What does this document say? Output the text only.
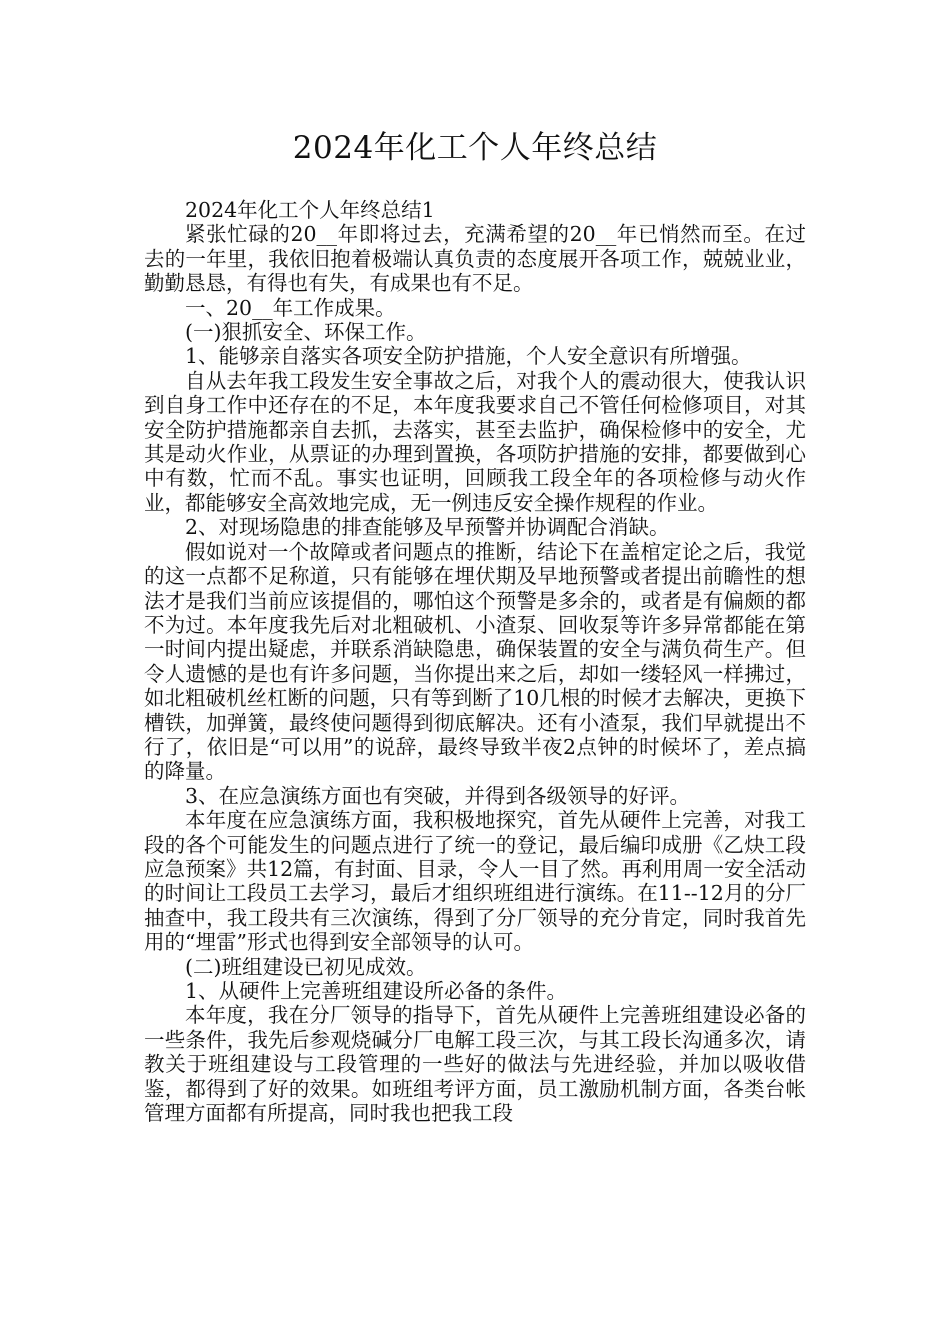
2024年化工个人年终总结

2024年化工个人年终总结1

紧张忙碌的20__年即将过去，充满希望的20__年已悄然而至。在过去的一年里，我依旧抱着极端认真负责的态度展开各项工作，兢兢业业，勤勤恳恳，有得也有失，有成果也有不足。

一、20__年工作成果。

(一)狠抓安全、环保工作。

1、能够亲自落实各项安全防护措施，个人安全意识有所增强。

自从去年我工段发生安全事故之后，对我个人的震动很大，使我认识到自身工作中还存在的不足，本年度我要求自己不管任何检修项目，对其安全防护措施都亲自去抓，去落实，甚至去监护，确保检修中的安全，尤其是动火作业，从票证的办理到置换，各项防护措施的安排，都要做到心中有数，忙而不乱。事实也证明，回顾我工段全年的各项检修与动火作业，都能够安全高效地完成，无一例违反安全操作规程的作业。

2、对现场隐患的排查能够及早预警并协调配合消缺。

假如说对一个故障或者问题点的推断，结论下在盖棺定论之后，我觉的这一点都不足称道，只有能够在埋伏期及早地预警或者提出前瞻性的想法才是我们当前应该提倡的，哪怕这个预警是多余的，或者是有偏颇的都不为过。本年度我先后对北粗破机、小渣泵、回收泵等许多异常都能在第一时间内提出疑虑，并联系消缺隐患，确保装置的安全与满负荷生产。但令人遗憾的是也有许多问题，当你提出来之后，却如一缕轻风一样拂过，如北粗破机丝杠断的问题，只有等到断了10几根的时候才去解决，更换下槽铁，加弹簧，最终使问题得到彻底解决。还有小渣泵，我们早就提出不行了，依旧是“可以用”的说辞，最终导致半夜2点钟的时候坏了，差点搞的降量。

3、在应急演练方面也有突破，并得到各级领导的好评。

本年度在应急演练方面，我积极地探究，首先从硬件上完善，对我工段的各个可能发生的问题点进行了统一的登记，最后编印成册《乙炔工段应急预案》共12篇，有封面、目录，令人一目了然。再利用周一安全活动的时间让工段员工去学习，最后才组织班组进行演练。在11--12月的分厂抽查中，我工段共有三次演练，得到了分厂领导的充分肯定，同时我首先用的“埋雷”形式也得到安全部领导的认可。

(二)班组建设已初见成效。

1、从硬件上完善班组建设所必备的条件。

本年度，我在分厂领导的指导下，首先从硬件上完善班组建设必备的一些条件，我先后参观烧碱分厂电解工段三次，与其工段长沟通多次，请教关于班组建设与工段管理的一些好的做法与先进经验，并加以吸收借鉴，都得到了好的效果。如班组考评方面，员工激励机制方面，各类台帐管理方面都有所提高，同时我也把我工段
